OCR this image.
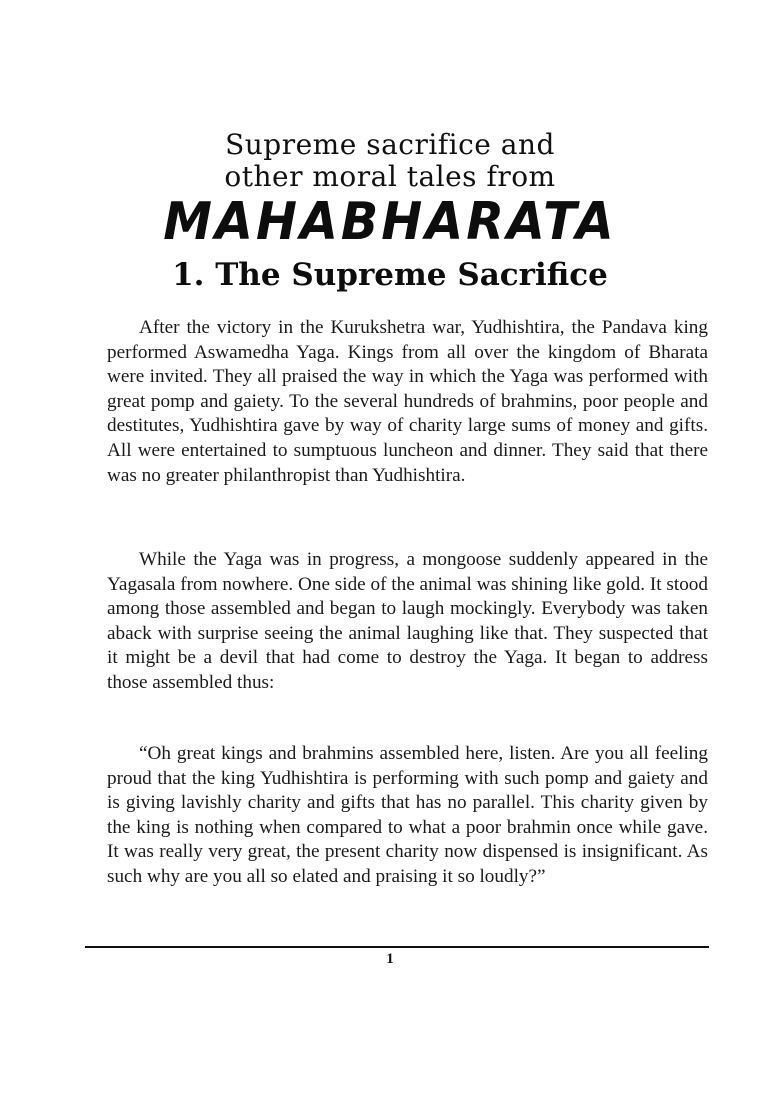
Supreme sacrifice and
other moral tales from
MAHABHARATA
1. The Supreme Sacrifice

After the victory in the Kurukshetra war, Yudhishtira, the Pandava king performed Aswamedha Yaga. Kings from all over the kingdom of Bharata were invited. They all praised the way in which the Yaga was performed with great pomp and gaiety. To the several hundreds of brahmins, poor people and destitutes, Yudhishtira gave by way of charity large sums of money and gifts. All were entertained to sumptuous luncheon and dinner. They said that there was no greater philanthropist than Yudhishtira.

While the Yaga was in progress, a mongoose suddenly appeared in the Yagasala from nowhere. One side of the animal was shining like gold. It stood among those assembled and began to laugh mockingly. Everybody was taken aback with surprise seeing the animal laughing like that. They suspected that it might be a devil that had come to destroy the Yaga. It began to address those assembled thus:

“Oh great kings and brahmins assembled here, listen. Are you all feeling proud that the king Yudhishtira is performing with such pomp and gaiety and is giving lavishly charity and gifts that has no parallel. This charity given by the king is nothing when compared to what a poor brahmin once while gave. It was really very great, the present charity now dispensed is insignificant. As such why are you all so elated and praising it so loudly?”

1
